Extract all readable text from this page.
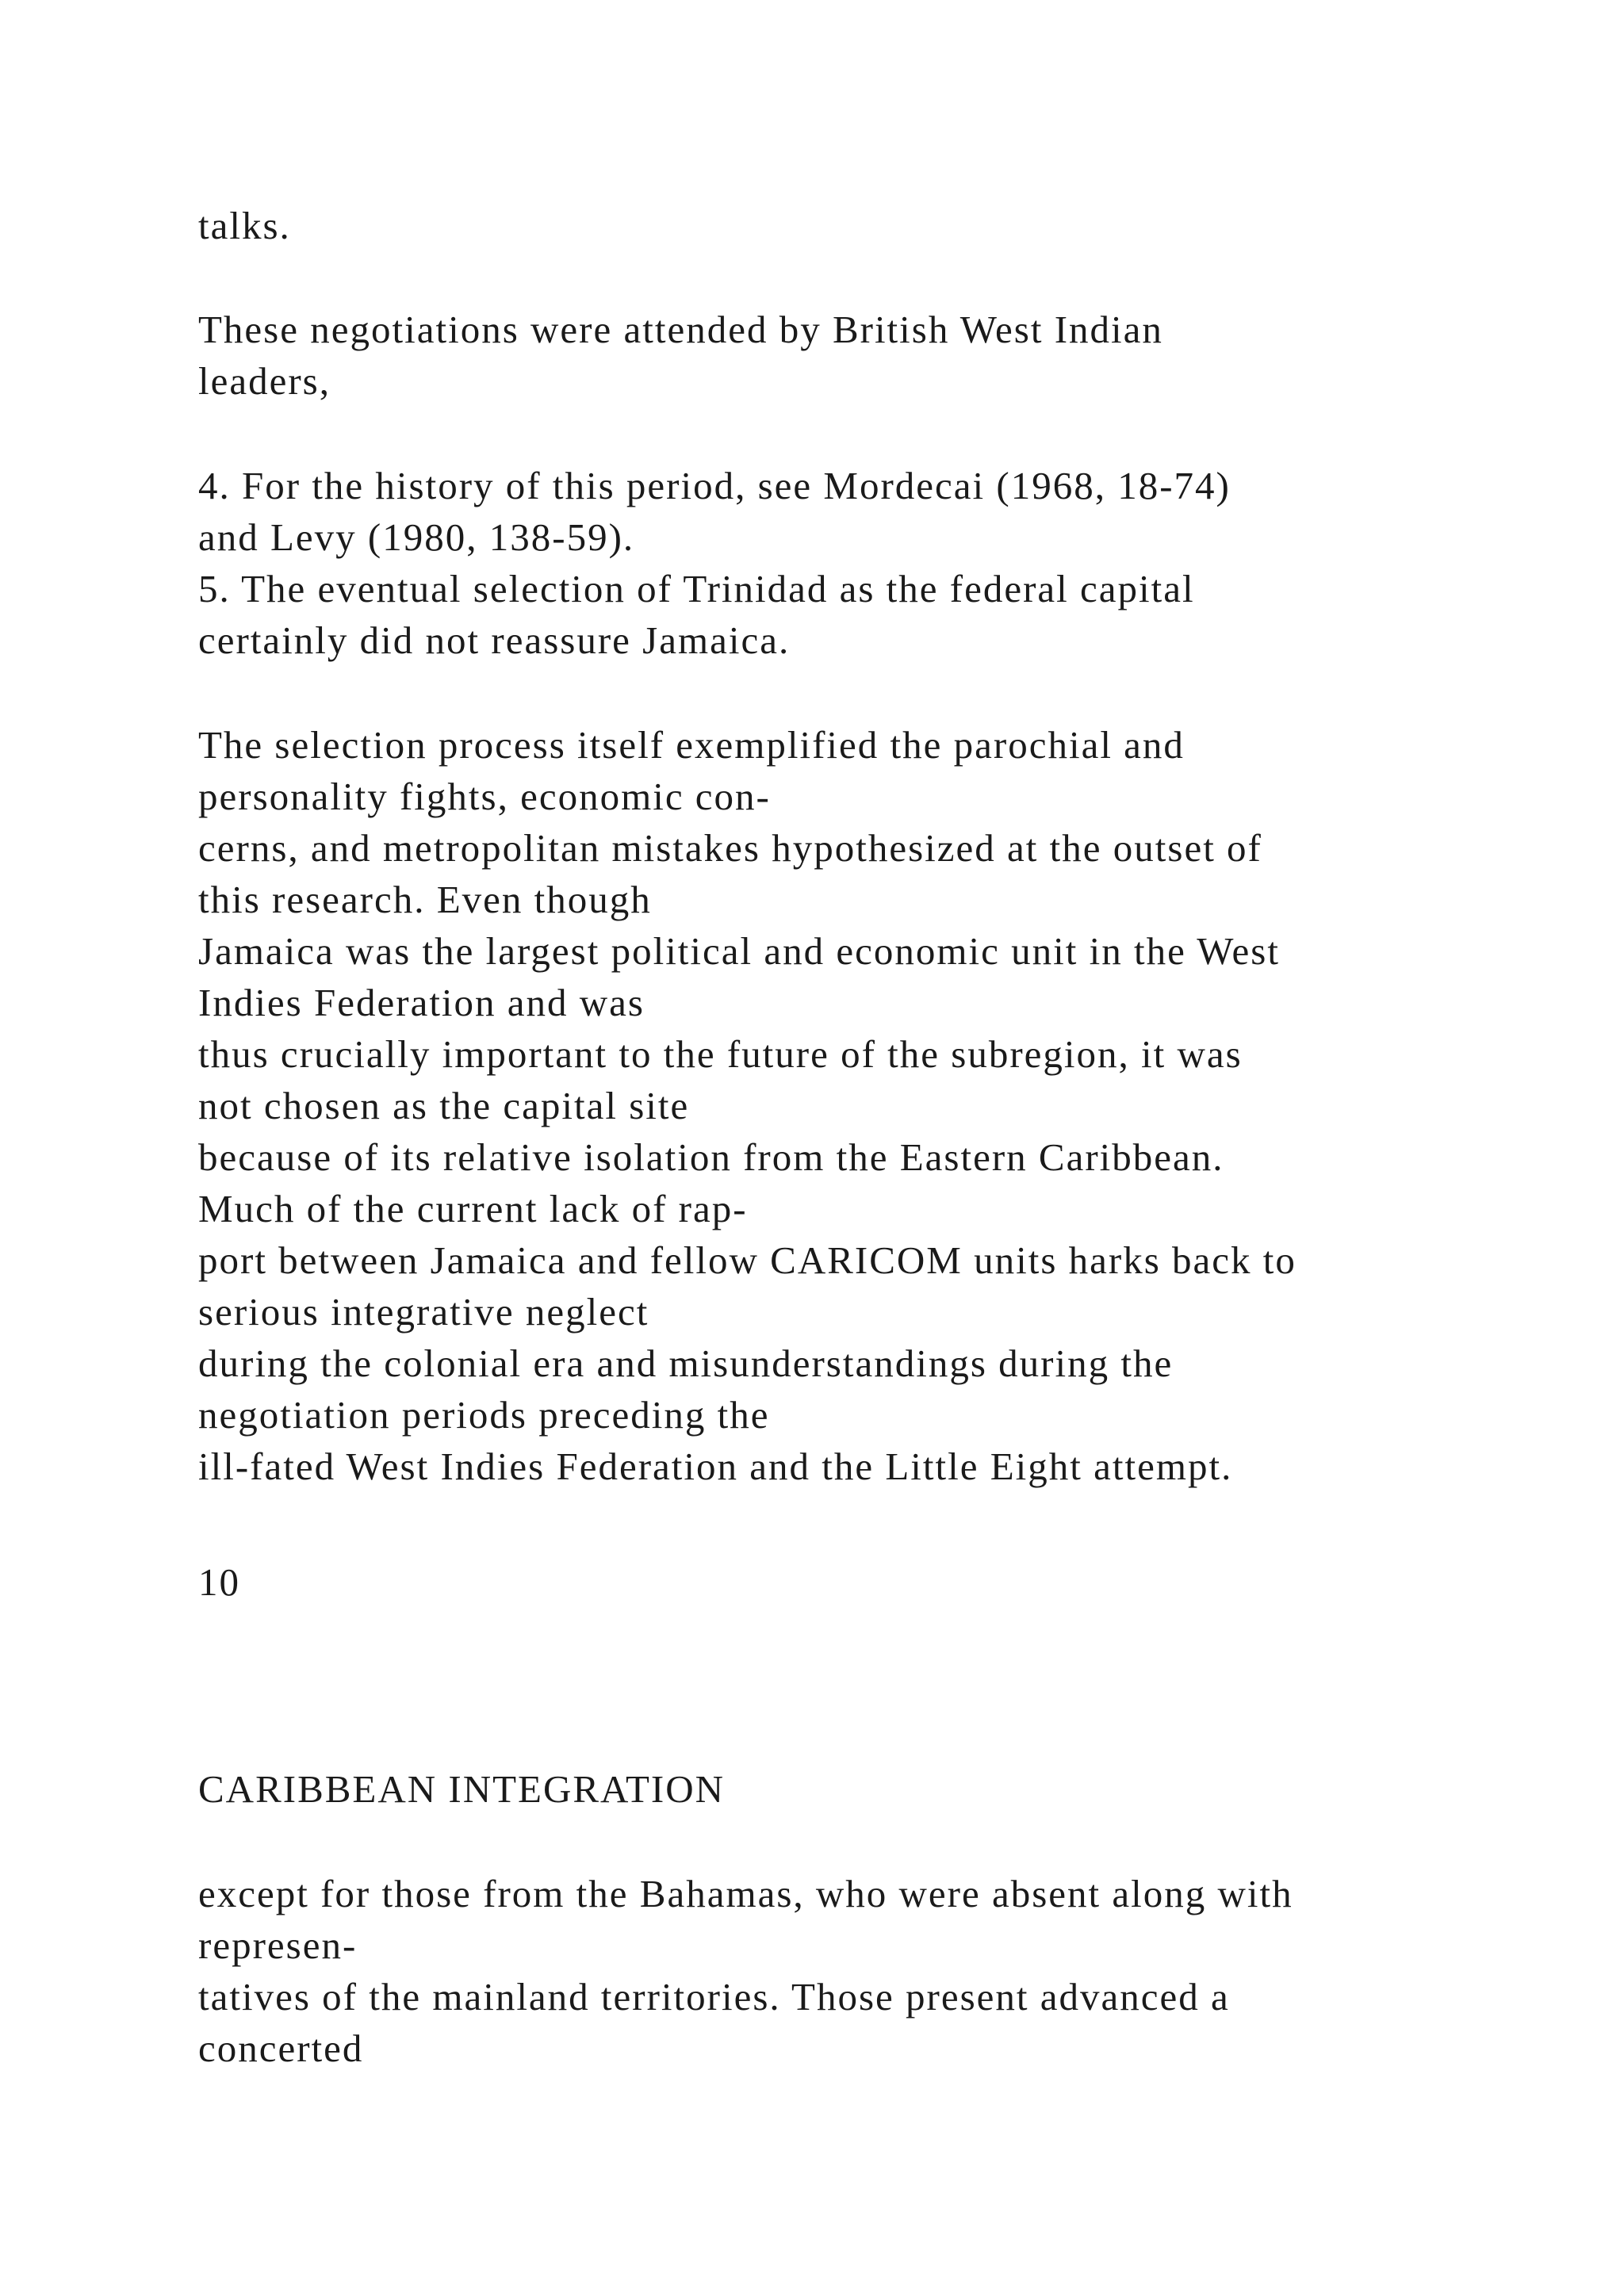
talks.

These negotiations were attended by British West Indian
leaders,

4. For the history of this period, see Mordecai (1968, 18-74)
and Levy (1980, 138-59).
5. The eventual selection of Trinidad as the federal capital
certainly did not reassure Jamaica.

The selection process itself exemplified the parochial and
personality fights, economic con-
cerns, and metropolitan mistakes hypothesized at the outset of
this research. Even though
Jamaica was the largest political and economic unit in the West
Indies Federation and was
thus crucially important to the future of the subregion, it was
not chosen as the capital site
because of its relative isolation from the Eastern Caribbean.
Much of the current lack of rap-
port between Jamaica and fellow CARICOM units harks back to
serious integrative neglect
during the colonial era and misunderstandings during the
negotiation periods preceding the
ill-fated West Indies Federation and the Little Eight attempt.

10

CARIBBEAN INTEGRATION

except for those from the Bahamas, who were absent along with
represen-
tatives of the mainland territories. Those present advanced a
concerted
